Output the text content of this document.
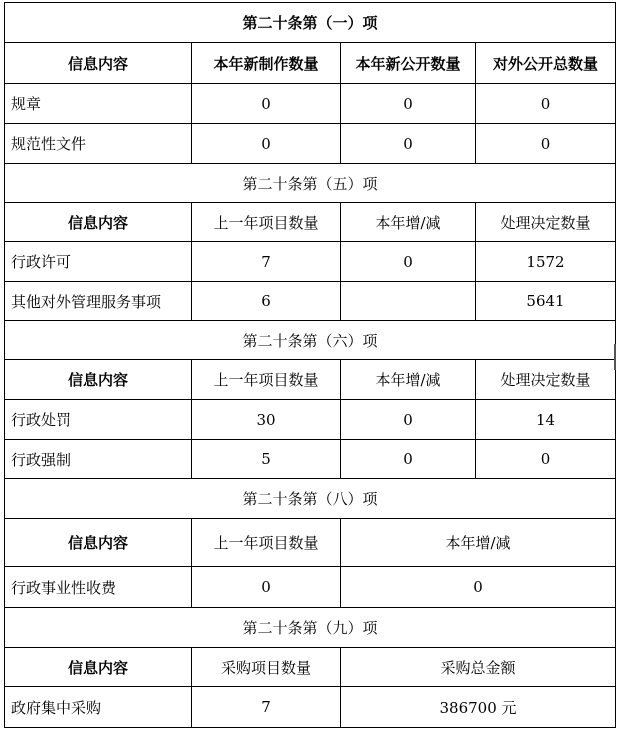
第二十条第（一）项			
信息内容	本年新制作数量	本年新公开数量	对外公开总数量
规章	0	0	0
规范性文件	0	0	0
第二十条第（五）项			
信息内容	上一年项目数量	本年增/减	处理决定数量
行政许可	7	0	1572
其他对外管理服务事项	6		5641
第二十条第（六）项			
信息内容	上一年项目数量	本年增/减	处理决定数量
行政处罚	30	0	14
行政强制	5	0	0
第二十条第（八）项			
信息内容	上一年项目数量	本年增/减	
行政事业性收费	0	0	
第二十条第（九）项			
信息内容	采购项目数量	采购总金额	
政府集中采购	7	386700 元	
